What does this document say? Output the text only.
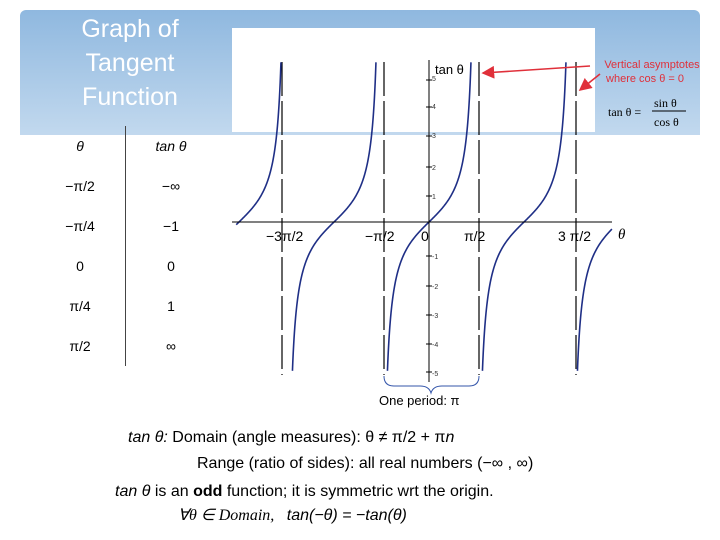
Graph of
Tangent
Function
θ	tan θ
−π/2	−∞
−π/4	−1
0	0
π/4	1
π/2	∞
5
4
3
2
1
-1
-2
-3
-4
-5
−3π/2	−π/2 0	π/2	3 π/2 θ
tan θ	Vertical asymptotes
where cos θ = 0
tan θ =
sin θ
cos θ
One period: π
tan θ: Domain (angle measures): θ ≠ π/2 + πn
Range (ratio of sides): all real numbers (−∞ , ∞)
tan θ is an odd function; it is symmetric wrt the origin.
∀θ ∈ Domain, tan(−θ) = −tan(θ)
